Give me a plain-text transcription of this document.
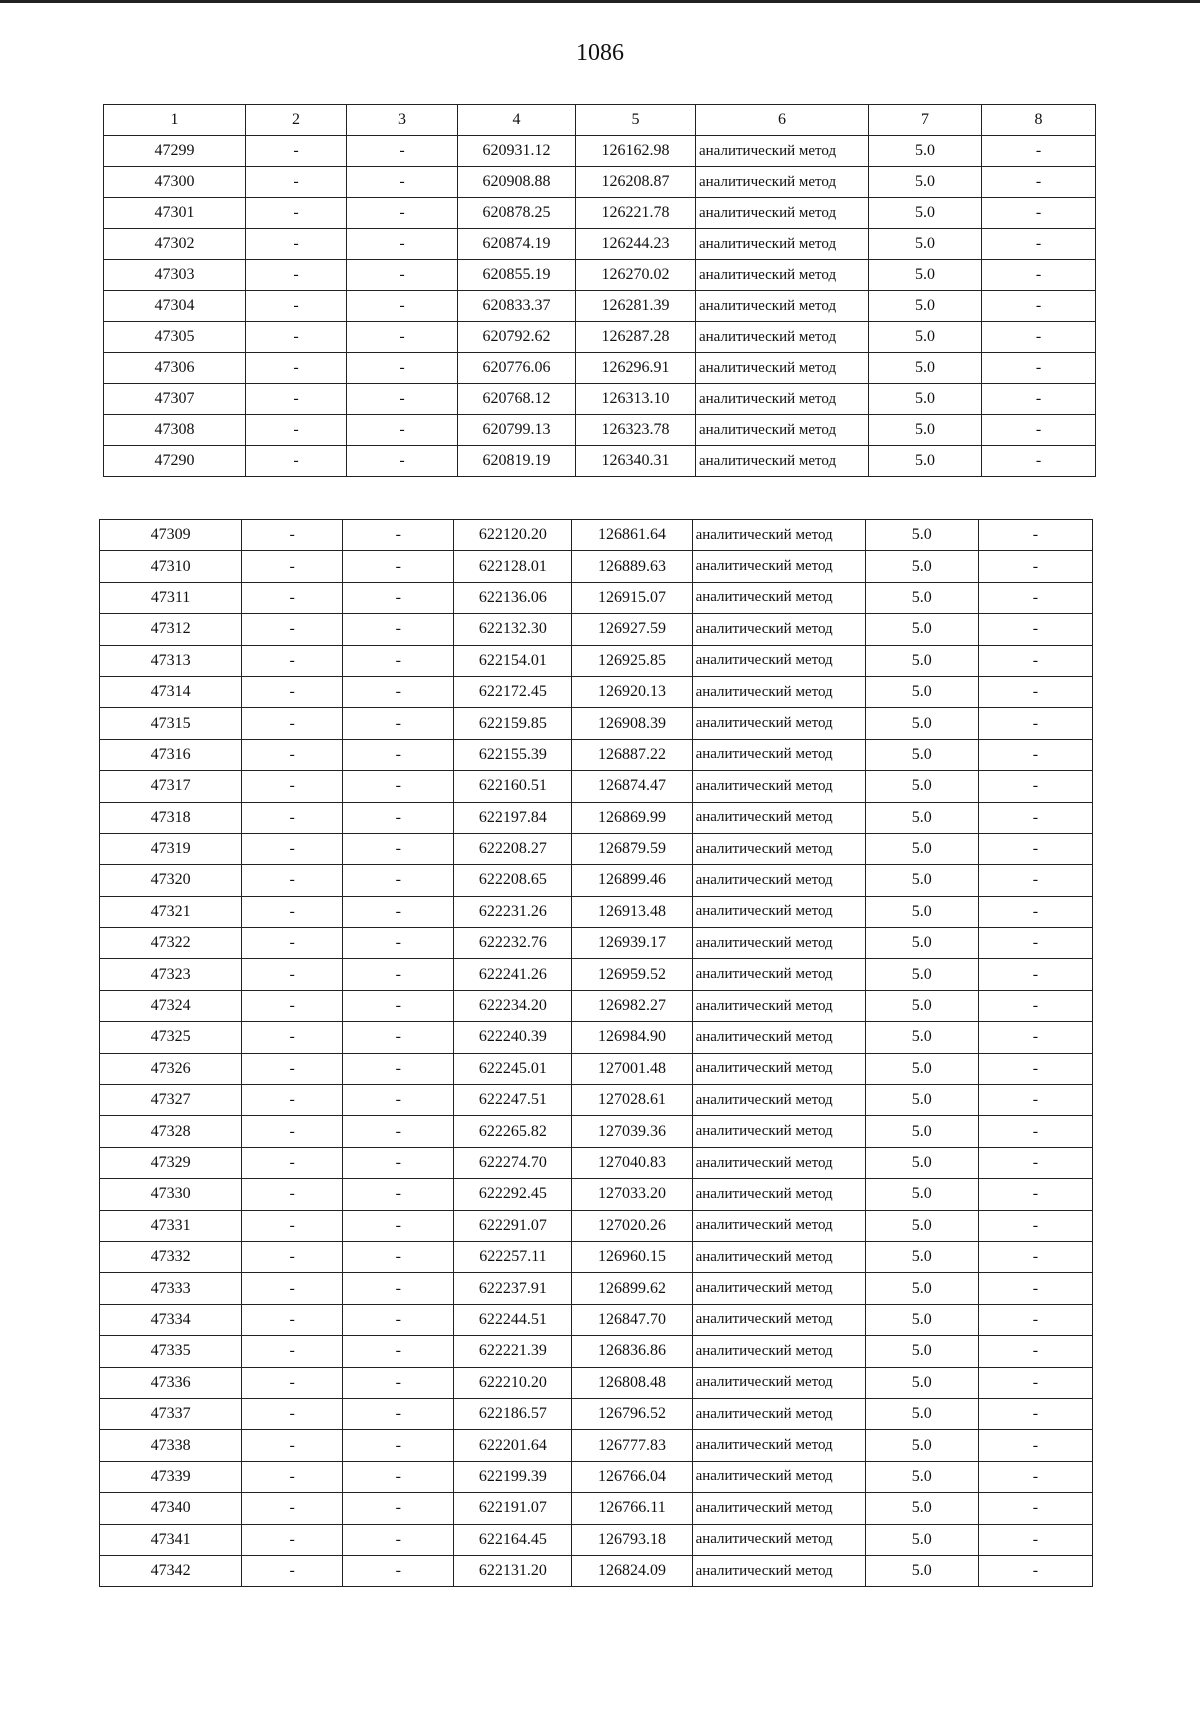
1086
1	2	3	4	5	6	7	8
47299	-	-	620931.12	126162.98	аналитический метод	5.0	-
47300	-	-	620908.88	126208.87	аналитический метод	5.0	-
47301	-	-	620878.25	126221.78	аналитический метод	5.0	-
47302	-	-	620874.19	126244.23	аналитический метод	5.0	-
47303	-	-	620855.19	126270.02	аналитический метод	5.0	-
47304	-	-	620833.37	126281.39	аналитический метод	5.0	-
47305	-	-	620792.62	126287.28	аналитический метод	5.0	-
47306	-	-	620776.06	126296.91	аналитический метод	5.0	-
47307	-	-	620768.12	126313.10	аналитический метод	5.0	-
47308	-	-	620799.13	126323.78	аналитический метод	5.0	-
47290	-	-	620819.19	126340.31	аналитический метод	5.0	-
47309	-	-	622120.20	126861.64	аналитический метод	5.0	-
47310	-	-	622128.01	126889.63	аналитический метод	5.0	-
47311	-	-	622136.06	126915.07	аналитический метод	5.0	-
47312	-	-	622132.30	126927.59	аналитический метод	5.0	-
47313	-	-	622154.01	126925.85	аналитический метод	5.0	-
47314	-	-	622172.45	126920.13	аналитический метод	5.0	-
47315	-	-	622159.85	126908.39	аналитический метод	5.0	-
47316	-	-	622155.39	126887.22	аналитический метод	5.0	-
47317	-	-	622160.51	126874.47	аналитический метод	5.0	-
47318	-	-	622197.84	126869.99	аналитический метод	5.0	-
47319	-	-	622208.27	126879.59	аналитический метод	5.0	-
47320	-	-	622208.65	126899.46	аналитический метод	5.0	-
47321	-	-	622231.26	126913.48	аналитический метод	5.0	-
47322	-	-	622232.76	126939.17	аналитический метод	5.0	-
47323	-	-	622241.26	126959.52	аналитический метод	5.0	-
47324	-	-	622234.20	126982.27	аналитический метод	5.0	-
47325	-	-	622240.39	126984.90	аналитический метод	5.0	-
47326	-	-	622245.01	127001.48	аналитический метод	5.0	-
47327	-	-	622247.51	127028.61	аналитический метод	5.0	-
47328	-	-	622265.82	127039.36	аналитический метод	5.0	-
47329	-	-	622274.70	127040.83	аналитический метод	5.0	-
47330	-	-	622292.45	127033.20	аналитический метод	5.0	-
47331	-	-	622291.07	127020.26	аналитический метод	5.0	-
47332	-	-	622257.11	126960.15	аналитический метод	5.0	-
47333	-	-	622237.91	126899.62	аналитический метод	5.0	-
47334	-	-	622244.51	126847.70	аналитический метод	5.0	-
47335	-	-	622221.39	126836.86	аналитический метод	5.0	-
47336	-	-	622210.20	126808.48	аналитический метод	5.0	-
47337	-	-	622186.57	126796.52	аналитический метод	5.0	-
47338	-	-	622201.64	126777.83	аналитический метод	5.0	-
47339	-	-	622199.39	126766.04	аналитический метод	5.0	-
47340	-	-	622191.07	126766.11	аналитический метод	5.0	-
47341	-	-	622164.45	126793.18	аналитический метод	5.0	-
47342	-	-	622131.20	126824.09	аналитический метод	5.0	-
